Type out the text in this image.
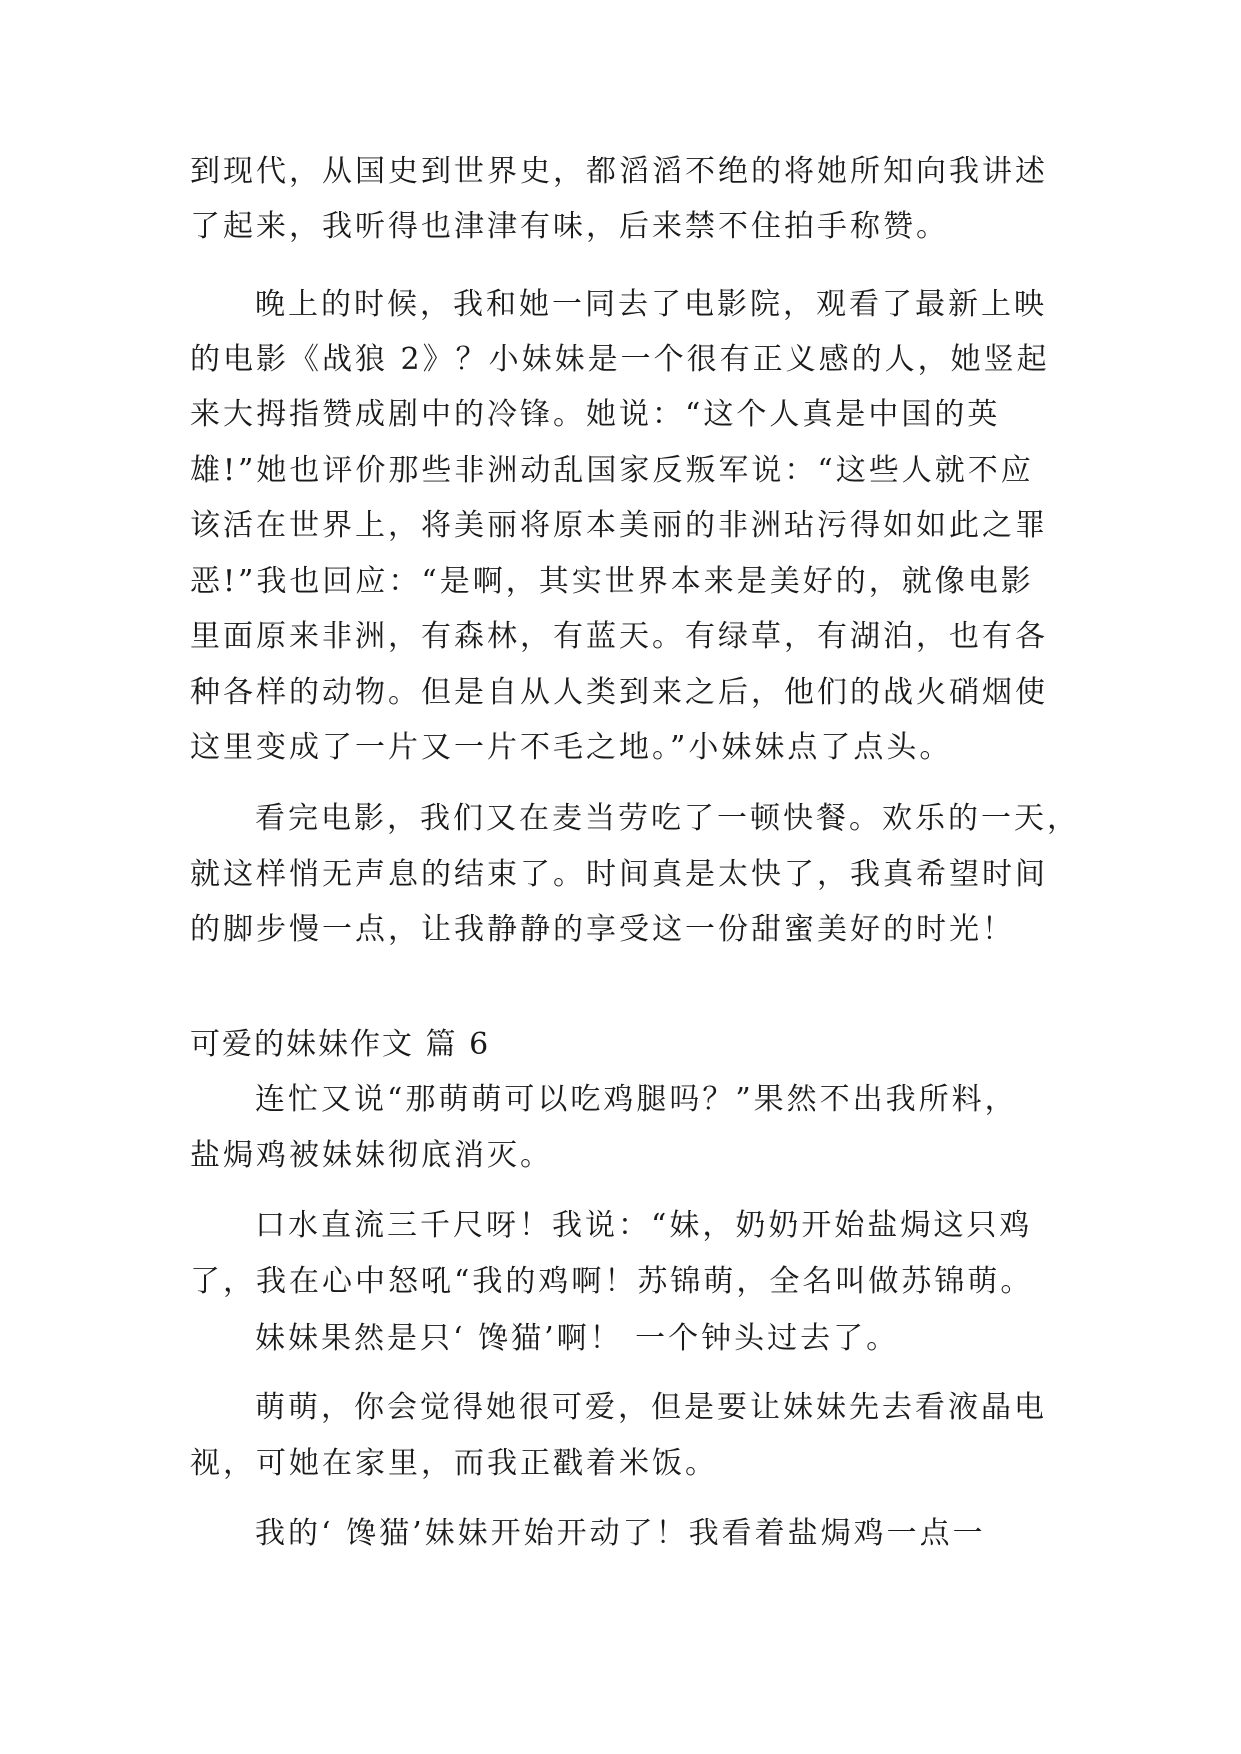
到现代，从国史到世界史，都滔滔不绝的将她所知向我讲述
了起来，我听得也津津有味，后来禁不住拍手称赞。
晚上的时候，我和她一同去了电影院，观看了最新上映
的电影《战狼 2》？小妹妹是一个很有正义感的人，她竖起
来大拇指赞成剧中的冷锋。她说：“这个人真是中国的英
雄!”她也评价那些非洲动乱国家反叛军说：“这些人就不应
该活在世界上，将美丽将原本美丽的非洲玷污得如如此之罪
恶!”我也回应：“是啊，其实世界本来是美好的，就像电影
里面原来非洲，有森林，有蓝天。有绿草，有湖泊，也有各
种各样的动物。但是自从人类到来之后，他们的战火硝烟使
这里变成了一片又一片不毛之地。”小妹妹点了点头。
看完电影，我们又在麦当劳吃了一顿快餐。欢乐的一天，
就这样悄无声息的结束了。时间真是太快了，我真希望时间
的脚步慢一点，让我静静的享受这一份甜蜜美好的时光！
可爱的妹妹作文 篇 6
连忙又说“那萌萌可以吃鸡腿吗？”果然不出我所料，
盐焗鸡被妹妹彻底消灭。
口水直流三千尺呀！我说：“妹，奶奶开始盐焗这只鸡
了，我在心中怒吼“我的鸡啊！苏锦萌，全名叫做苏锦萌。
妹妹果然是只‘ 馋猫’啊！ 一个钟头过去了。
萌萌，你会觉得她很可爱，但是要让妹妹先去看液晶电
视，可她在家里，而我正戳着米饭。
我的‘ 馋猫’妹妹开始开动了！我看着盐焗鸡一点一
